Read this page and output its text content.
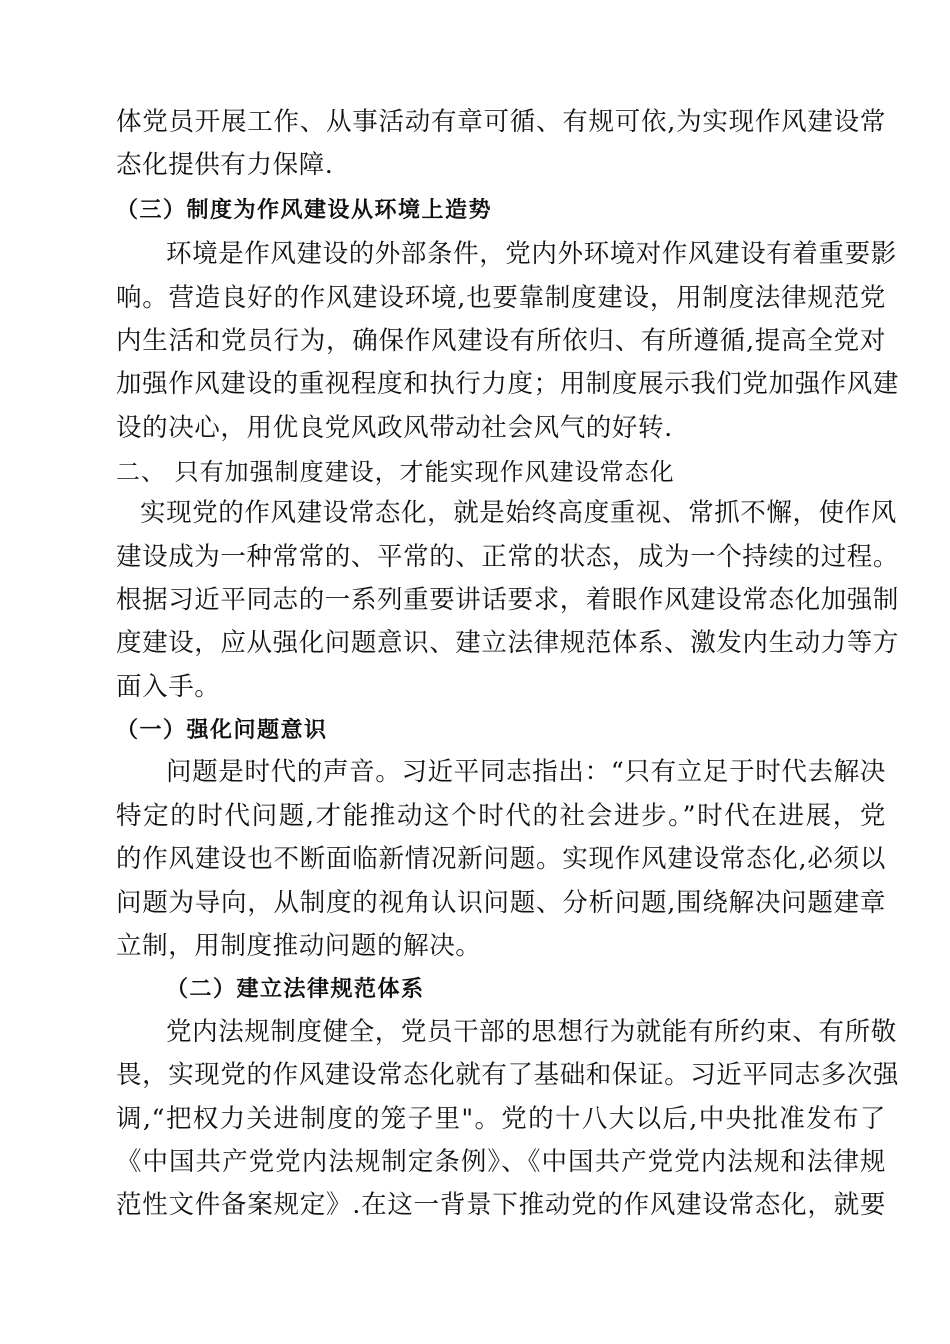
体党员开展工作、从事活动有章可循、有规可依,为实现作风建设常
态化提供有力保障.
（三）制度为作风建设从环境上造势
环境是作风建设的外部条件，党内外环境对作风建设有着重要影
响。营造良好的作风建设环境,也要靠制度建设，用制度法律规范党
内生活和党员行为，确保作风建设有所依归、有所遵循,提高全党对
加强作风建设的重视程度和执行力度；用制度展示我们党加强作风建
设的决心，用优良党风政风带动社会风气的好转.
二、 只有加强制度建设，才能实现作风建设常态化
实现党的作风建设常态化，就是始终高度重视、常抓不懈，使作风
建设成为一种常常的、平常的、正常的状态，成为一个持续的过程。
根据习近平同志的一系列重要讲话要求，着眼作风建设常态化加强制
度建设，应从强化问题意识、建立法律规范体系、激发内生动力等方
面入手。
（一）强化问题意识
问题是时代的声音。习近平同志指出：“只有立足于时代去解决
特定的时代问题,才能推动这个时代的社会进步。”时代在进展，党
的作风建设也不断面临新情况新问题。实现作风建设常态化,必须以
问题为导向，从制度的视角认识问题、分析问题,围绕解决问题建章
立制，用制度推动问题的解决。
（二）建立法律规范体系
党内法规制度健全，党员干部的思想行为就能有所约束、有所敬
畏，实现党的作风建设常态化就有了基础和保证。习近平同志多次强
调,“把权力关进制度的笼子里"。党的十八大以后,中央批准发布了
《中国共产党党内法规制定条例》、《中国共产党党内法规和法律规
范性文件备案规定》.在这一背景下推动党的作风建设常态化，就要
